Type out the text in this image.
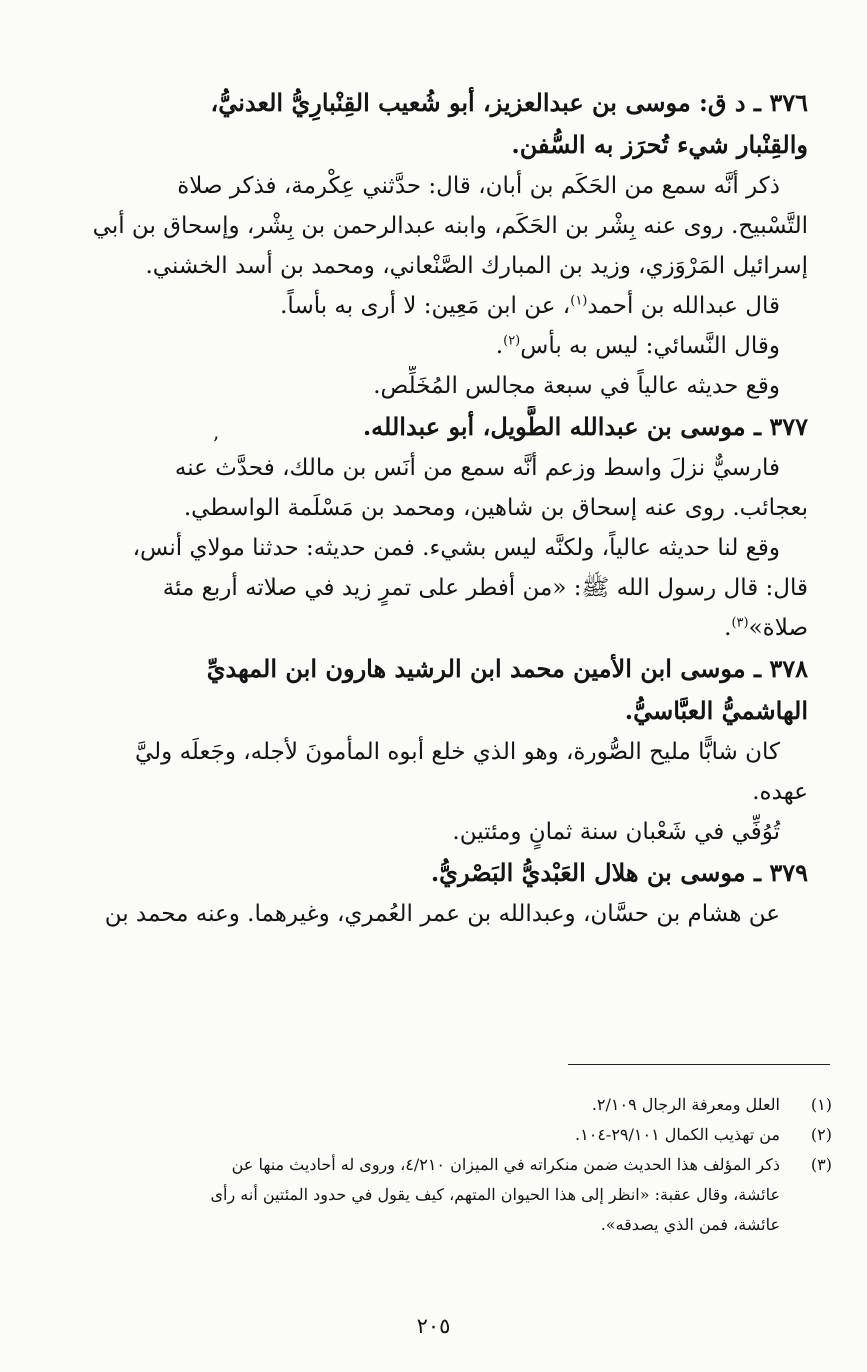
٣٧٦ ـ د ق: موسى بن عبدالعزيز، أبو شُعيب القِنْبارِيُّ العدنيُّ،
والقِنْبار شيء تُحرَز به السُّفن.
ذكر أنَّه سمع من الحَكَم بن أبان، قال: حدَّثني عِكْرمة، فذكر صلاة
التَّسْبيح. روى عنه بِشْر بن الحَكَم، وابنه عبدالرحمن بن بِشْر، وإسحاق بن أبي
إسرائيل المَرْوَزي، وزيد بن المبارك الصَّنْعاني، ومحمد بن أسد الخشني.
قال عبدالله بن أحمد$^{(١)}$، عن ابن مَعِين: لا أرى به بأساً.
وقال النَّسائي: ليس به بأس$^{(٢)}$.
وقع حديثه عالياً في سبعة مجالس المُخَلِّص.
٣٧٧ ـ موسى بن عبدالله الطَّويل، أبو عبدالله.
فارسيٌّ نزلَ واسط وزعم أنَّه سمع من أنَس بن مالك، فحدَّث عنه
بعجائب. روى عنه إسحاق بن شاهين، ومحمد بن مَسْلَمة الواسطي.
وقع لنا حديثه عالياً، ولكنَّه ليس بشيء. فمن حديثه: حدثنا مولاي أنس،
قال: قال رسول الله ﷺ: «من أفطر على تمرٍ زيد في صلاته أربع مئة
صلاة»$^{(٣)}$.
٣٧٨ ـ موسى ابن الأمين محمد ابن الرشيد هارون ابن المهديِّ
الهاشميُّ العبَّاسيُّ.
كان شابًّا مليح الصُّورة، وهو الذي خلع أبوه المأمونَ لأجله، وجَعلَه وليَّ
عهده.
تُوُفِّي في شَعْبان سنة ثمانٍ ومئتين.
٣٧٩ ـ موسى بن هلال العَبْديُّ البَصْريُّ.
عن هشام بن حسَّان، وعبدالله بن عمر العُمري، وغيرهما. وعنه محمد بن
ʼ
(١)
العلل ومعرفة الرجال ٢/١٠٩.
(٢)
من تهذيب الكمال ٢٩/١٠١-١٠٤.
(٣)
ذكر المؤلف هذا الحديث ضمن منكراته في الميزان ٤/٢١٠، وروى له أحاديث منها عن
عائشة، وقال عقبة: «انظر إلى هذا الحيوان المتهم، كيف يقول في حدود المئتين أنه رأى
عائشة، فمن الذي يصدقه».
٢٠٥
